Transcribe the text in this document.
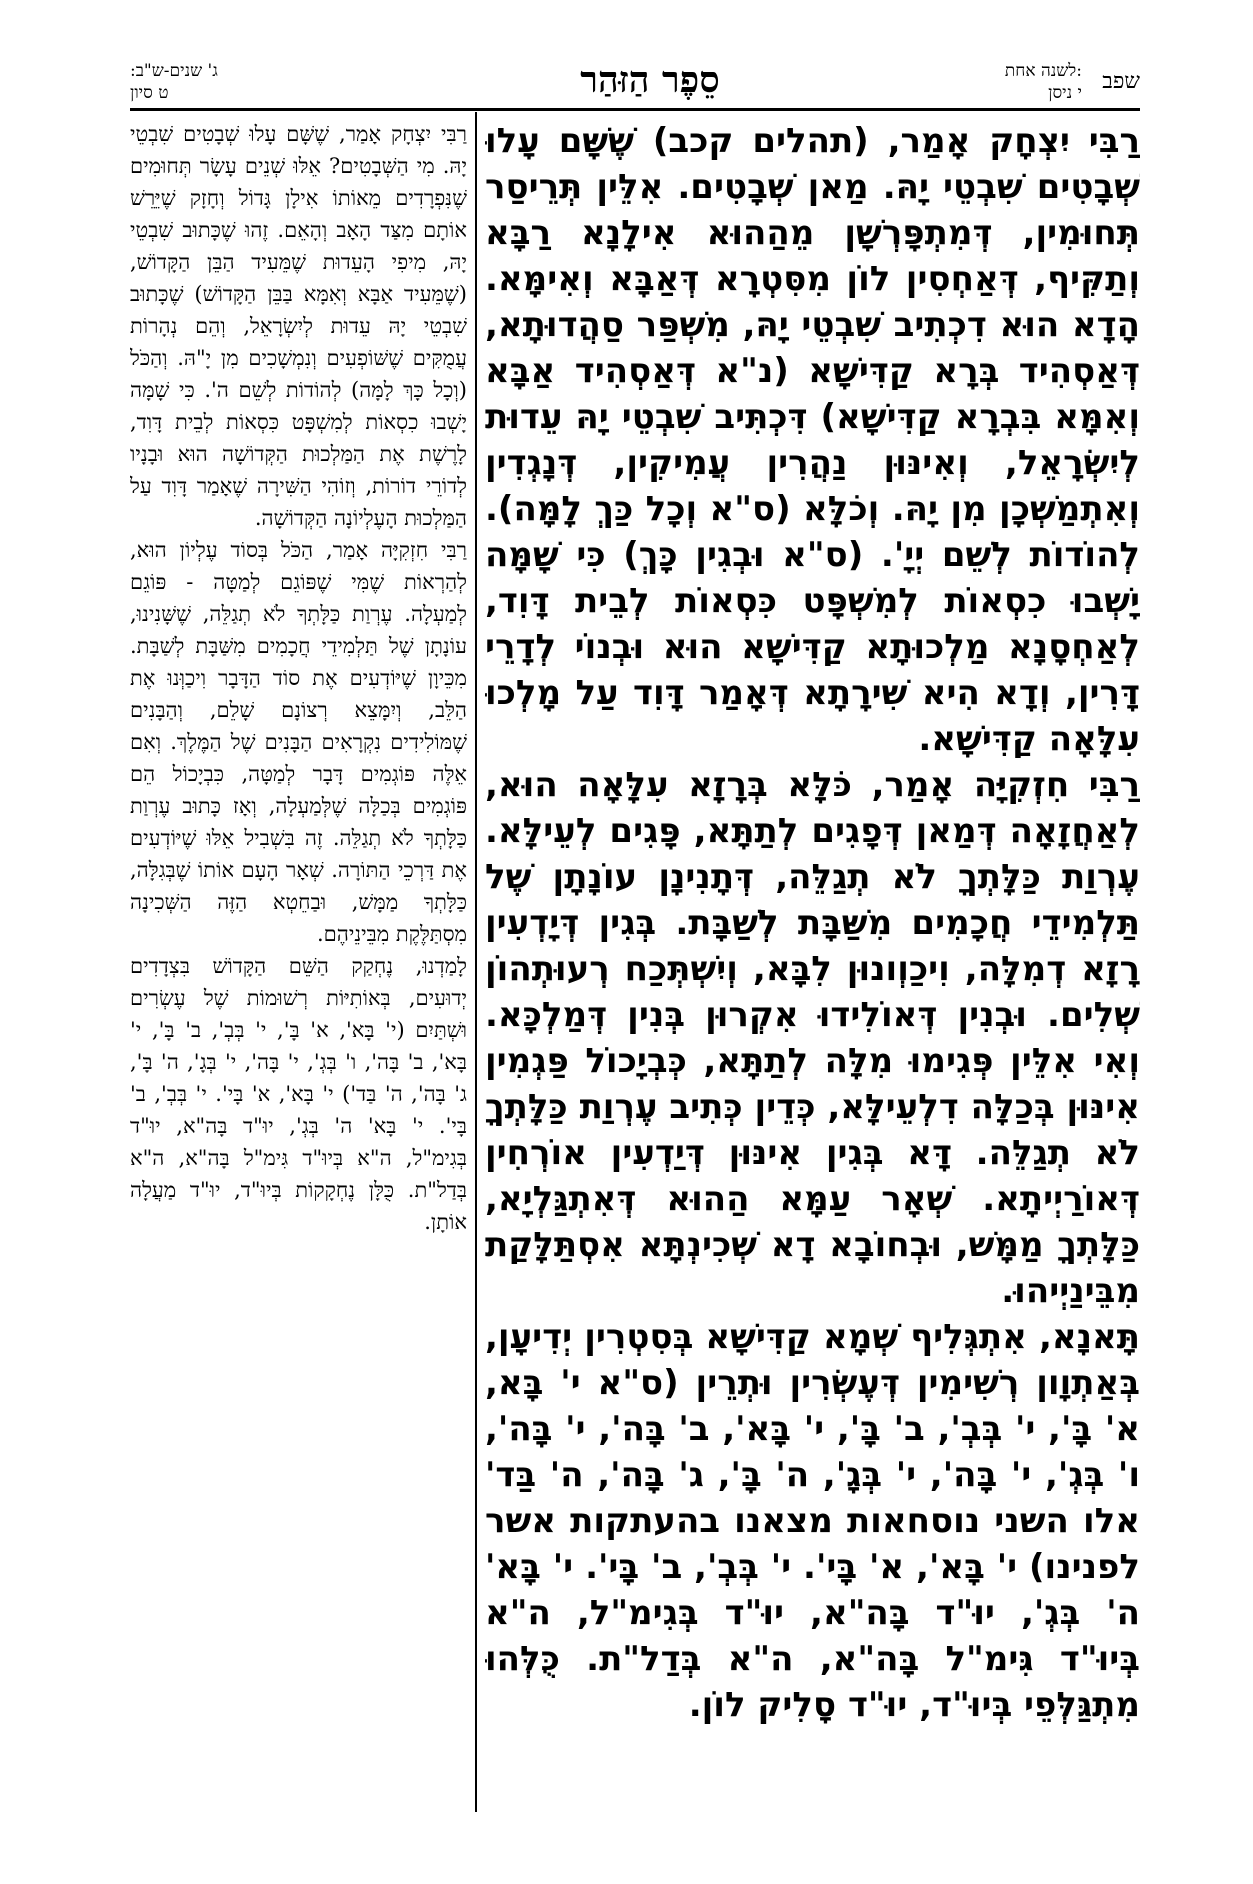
שפב
לשנה אחת:
י ניסן
סֵפֶר הַזּהַר
ג' שנים-ש"ב:
ט סיון

רַבִּי יִצְחָק אָמַר, (תהלים קכב) שֶׁשָּׁם עָלוּ שְׁבָטִים שִׁבְטֵי יָהּ. מַאן שְׁבָטִים. אִלֵּין תְּרֵיסַר תְּחוּמִין, דְּמִתְפָּרְשָׁן מֵהַהוּא אִילָנָא רַבָּא וְתַקִּיף, דְּאַחְסִין לוֹן מִסִּטְרָא דְּאַבָּא וְאִימָּא. הָדָא הוּא דִכְתִיב שִׁבְטֵי יָהּ, מִשְׁפַּר סַהֲדוּתָא, דְּאַסְהִיד בְּרָא קַדִּישָׁא (נ"א דְּאַסְהִיד אַבָּא וְאִמָּא בִּבְרָא קַדִּישָׁא) דִּכְתִּיב שִׁבְטֵי יָהּ עֵדוּת לְיִשְׂרָאֵל, וְאִינּוּן נַהֲרִין עֲמִיקִין, דְּנָגְדִין וְאִתְמַשְׁכָן מִן יָהּ. וְכֹלָּא (ס"א וְכָל כַּךְ לָמָּה). לְהוֹדוֹת לְשֵׁם יְיָ'. (ס"א וּבְגִין כָּךְ) כִּי שָׁמָּה יָשְׁבוּ כִסְאוֹת לְמִשְׁפָּט כִּסְאוֹת לְבֵית דָּוִד, לְאַחְסָנָא מַלְכוּתָא קַדִּישָׁא הוּא וּבְנוֹי לְדָרֵי דָּרִין, וְדָא הִיא שִׁירָתָא דְּאָמַר דָּוִד עַל מָלְכוּ עִלָּאָה קַדִּישָׁא.

רַבִּי חִזְקִיָּה אָמַר, כֹּלָּא בְּרָזָא עִלָּאָה הוּא, לְאַחֲזָאָה דְּמַאן דְּפָגִים לְתַתָּא, פָּגִים לְעֵילָּא. עֶרְוַת כַּלָּתְךָ לֹא תְגַלֵּה, דְּתָנִינָן עוֹנָתָן שֶׁל תַּלְמִידֵי חֲכָמִים מִשַּׁבָּת לְשַׁבָּת. בְּגִין דְּיָדְעִין רָזָא דְמִלָּה, וִיכַוְונוּן לִבָּא, וְיִשְׁתְּכַח רְעוּתְהוֹן שְׁלִים. וּבְנִין דְּאוֹלִידוּ אִקְרוּן בְּנִין דְּמַלְכָּא. וְאִי אִלֵּין פְּגִימוּ מִלָּה לְתַתָּא, כְּבְיָכוֹל פַּגְמִין אִינּוּן בְּכַלָּה דִלְעֵילָּא, כְּדֵין כְּתִיב עֶרְוַת כַּלָּתְךָ לֹא תְגַלֵּה. דָּא בְּגִין אִינּוּן דְּיַדְעִין אוֹרְחִין דְּאוֹרַיְיתָא. שְׁאָר עַמָּא הַהוּא דְּאִתְגַּלְיָא, כַּלָּתְךָ מַמָּשׁ, וּבְחוֹבָא דָא שְׁכִינְתָּא אִסְתַּלָּקַת מִבֵּינַיְיהוּ.

תָּאנָא, אִתְגְּלִיף שְׁמָא קַדִּישָׁא בְּסִטְרִין יְדִיעָן, בְּאַתְוָון רְשִׁימִין דְּעֶשְׂרִין וּתְרֵין (ס"א י' בָּא, א' בָּ', י' בְּבְ', ב' בָּ', י' בָּא', ב' בָּה', י' בָּה', ו' בְּגְ', י' בָּה', י' בְּגָ', ה' בָּ', ג' בָּה', ה' בַּד' אלו השני נוסחאות מצאנו בהעתקות אשר לפנינו) י' בָּא', א' בָּי'. י' בְּבְ', ב' בָּי'. י' בָּא' ה' בְּגְ', יוּ"ד בָּה"א, יוּ"ד בְּגִימ"ל, ה"א בְּיוּ"ד גִּימ"ל בָּה"א, ה"א בְּדַל"ת. כֻּלְּהוּ מִתְגַּלְּפֵי בְּיוּ"ד, יוּ"ד סָלִיק לוֹן.

רַבִּי יִצְחָק אָמַר, שֶׁשָּׁם עָלוּ שְׁבָטִים שִׁבְטֵי יָהּ. מִי הַשְּׁבָטִים? אֵלּוּ שְׁנֵים עָשָׂר תְּחוּמִים שֶׁנִּפְרָדִים מֵאוֹתוֹ אִילָן גָּדוֹל וְחָזָק שֶׁיֵּרֵשׁ אוֹתָם מִצַּד הָאָב וְהָאֵם. זֶהוּ שֶׁכָּתוּב שִׁבְטֵי יָהּ, מִיפִי הָעֵדוּת שֶׁמֵּעִיד הַבֵּן הַקָּדוֹשׁ, (שֶׁמֵּעִיד אַבָּא וְאִמָּא בַּבֵּן הַקָּדוֹשׁ) שֶׁכָּתוּב שִׁבְטֵי יָהּ עֵדוּת לְיִשְׂרָאֵל, וְהֵם נְהָרוֹת עֲמֻקִּים שֶׁשּׁוֹפְעִים וְנִמְשָׁכִים מִן יָ"הּ. וְהַכֹּל (וְכָל כָּךְ לָמָּה) לְהוֹדוֹת לְשֵׁם ה'. כִּי שָׁמָּה יָשְׁבוּ כִסְאוֹת לְמִשְׁפָּט כִּסְאוֹת לְבֵית דָּוִד, לָרֶשֶׁת אֶת הַמַּלְכוּת הַקְּדוֹשָׁה הוּא וּבָנָיו לְדוֹרֵי דוֹרוֹת, וְזוֹהִי הַשִּׁירָה שֶׁאָמַר דָּוִד עַל הַמַּלְכוּת הָעֶלְיוֹנָה הַקְּדוֹשָׁה.

רַבִּי חִזְקִיָּה אָמַר, הַכֹּל בְּסוֹד עֶלְיוֹן הוּא, לְהַרְאוֹת שֶׁמִּי שֶׁפּוֹגֵם לְמַטָּה - פּוֹגֵם לְמַעְלָה. עֶרְוַת כַּלָּתְךָ לֹא תְגַלֵּה, שֶׁשָּׁנִינוּ, עוֹנָתָן שֶׁל תַּלְמִידֵי חֲכָמִים מִשַּׁבָּת לְשַׁבָּת. מִכֵּיוָן שֶׁיּוֹדְעִים אֶת סוֹד הַדָּבָר וִיכַוְּנוּ אֶת הַלֵּב, וְיִמָּצֵא רְצוֹנָם שָׁלֵם, וְהַבָּנִים שֶׁמּוֹלִידִים נִקְרָאִים הַבָּנִים שֶׁל הַמֶּלֶךְ. וְאִם אֵלֶּה פּוֹגְמִים דָּבָר לְמַטָּה, כִּבְיָכוֹל הֵם פּוֹגְמִים בְּכַלָּה שֶׁלְּמַעְלָה, וְאָז כָּתוּב עֶרְוַת כַּלָּתְךָ לֹא תְגַלֵּה. זֶה בִּשְׁבִיל אֵלּוּ שֶׁיּוֹדְעִים אֶת דַּרְכֵי הַתּוֹרָה. שְׁאָר הָעָם אוֹתוֹ שֶׁבְּגִלָּה, כַּלָּתְךָ מַמָּשׁ, וּבַחֵטְא הַזֶּה הַשְּׁכִינָה מִסְתַּלֶּקֶת מִבֵּינֵיהֶם.

לָמַדְנוּ, נֶחְקַק הַשֵּׁם הַקָּדוֹשׁ בִּצְדָדִים יְדוּעִים, בְּאוֹתִיּוֹת רְשׁוּמוֹת שֶׁל עֶשְׂרִים וּשְׁתַּיִם (י' בָּא', א' בָּ', י' בְּבְ', ב' בָּ', י' בָּא', ב' בָּה', ו' בְּגְ', י' בָּה', י' בְּגָ', ה' בָּ', ג' בָּה', ה' בַּד') י' בָּא', א' בָּי'. י' בְּבְ', ב' בָּי'. י' בָּא' ה' בְּגְ', יוּ"ד בָּה"א, יוּ"ד בְּגִימ"ל, ה"א בְּיוּ"ד גִּימ"ל בָּה"א, ה"א בְּדַל"ת. כֻּלָּן נֶחְקָקוֹת בְּיוּ"ד, יוּ"ד מַעֲלָה אוֹתָן.
